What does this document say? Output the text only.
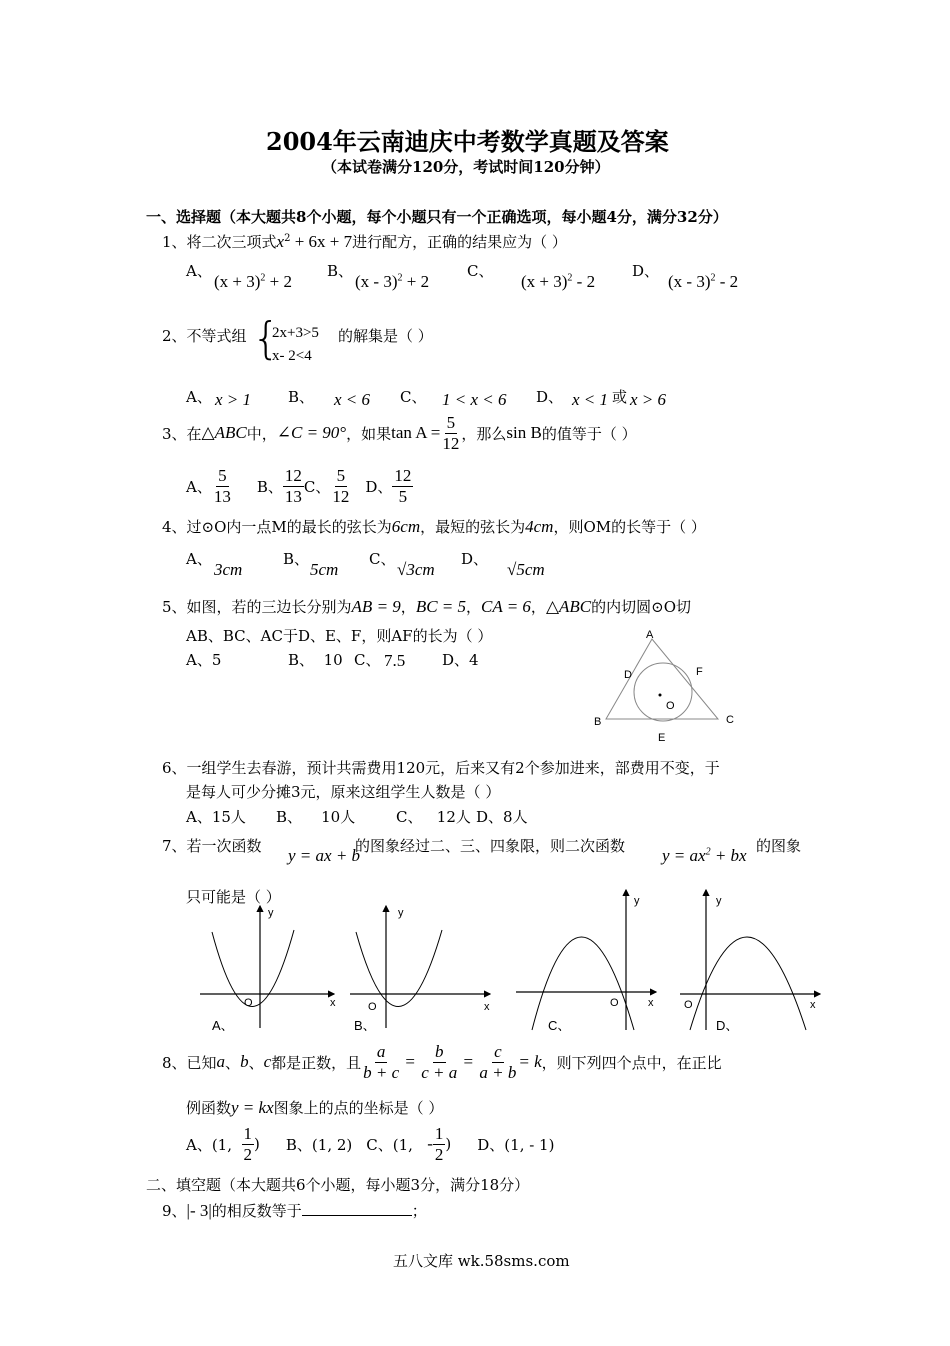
2004年云南迪庆中考数学真题及答案
（本试卷满分120分，考试时间120分钟）
一、选择题（本大题共8个小题，每个小题只有一个正确选项，每小题4分，满分32分）
1、将二次三项式$x^2 + 6x + 7$进行配方，正确的结果应为（ ）
A、
$(x + 3)^2 + 2$
B、
(x - 3)$^2$ + 2
C、
$(x + 3)^2 - 2$
D、
(x - 3)$^2$ - 2
2、不等式组 {
2x+3>5
x- 2<4
的解集是（ ）
A、 x > 1 B、 x < 6 C、 1 < x < 6 D、 x < 1 或 x > 6
3、在 △ABC 中， ∠C = 90° ，如果 $\tan A = \frac{5}{12}$ ，那么 sin B 的值等于（ ）
A、 $\frac{5}{13}$ B、 $\frac{12}{13}$ C、 $\frac{5}{12}$ D、 $\frac{12}{5}$
4、过⊙O内一点M的最长的弦长为6cm，最短的弦长为4cm，则OM的长等于（ ）
A、
3cm
B、
5cm
C、
√3cm
D、
√5cm
5、如图，若的三边长分别为AB = 9，BC = 5，CA = 6，△ABC的内切圆⊙O切
AB、BC、AC于D、E、F，则AF的长为（ ）
A、5	B、 10 C、 7.5 D、4
A
D	F
O
B	C
E
6、一组学生去春游，预计共需费用120元，后来又有2个参加进来，部费用不变，于
是每人可少分摊3元，原来这组学生人数是（ ）
A、15人 B、 10人	C、 12人 D、8人
7、若一次函数 y = ax + b
的图象经过二、三、四象限，则二次函数 $y = ax^2$ + bx 的图象
只可能是（ ）
y
x
O
A、
y
x
O
B、
y
x
O
C、
y
x
O
D、
8、已知 a 、 b 、 c 都是正数，且 $\frac{a}{b + c} = \frac{b}{c + a} = \frac{c}{a + b} = k$ ，则下列四个点中，在正比
例函数y = kx图象上的点的坐标是（ ）
A、(1,
$\frac{1}{2}$ ) B、(1, 2) C、(1,
- $\frac{1}{2}$ ) D、(1, - 1)
二、填空题（本大题共6个小题，每小题3分，满分18分）
9、|- 3|的相反数等于	；
五八文库 wk.58sms.com
